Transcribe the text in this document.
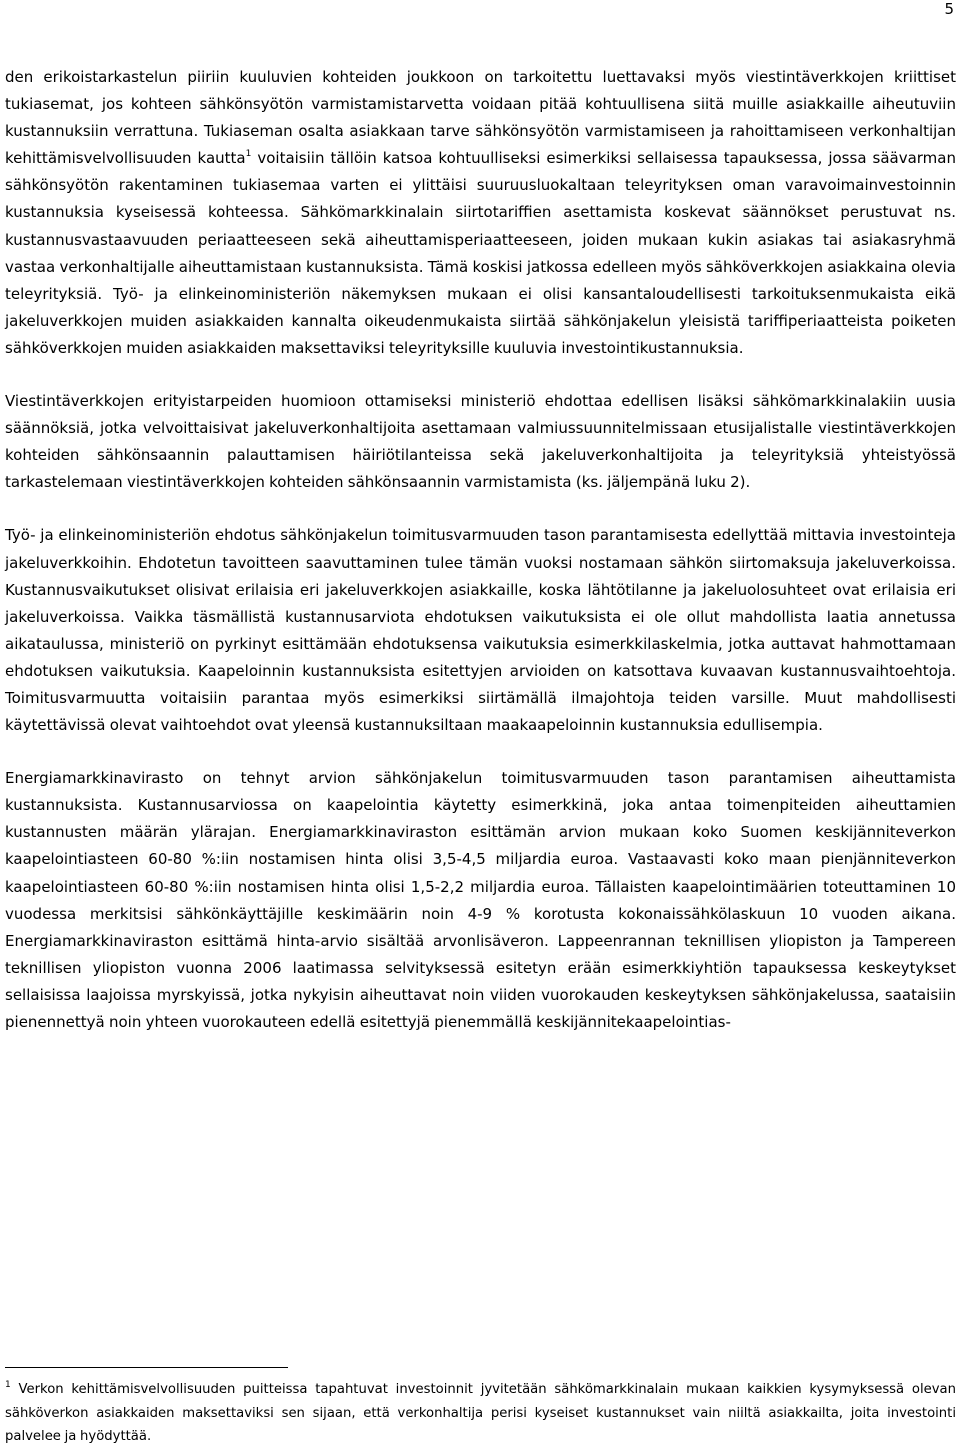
5

den erikoistarkastelun piiriin kuuluvien kohteiden joukkoon on tarkoitettu luettavaksi myös viestintäverkkojen kriittiset tukiasemat, jos kohteen sähkönsyötön varmistamistarvetta voidaan pitää kohtuullisena siitä muille asiakkaille aiheutuviin kustannuksiin verrattuna. Tukiaseman osalta asiakkaan tarve sähkönsyötön varmistamiseen ja rahoittamiseen verkonhaltijan kehittämisvelvollisuuden kautta$^1$ voitaisiin tällöin katsoa kohtuulliseksi esimerkiksi sellaisessa tapauksessa, jossa säävarman sähkönsyötön rakentaminen tukiasemaa varten ei ylittäisi suuruusluokaltaan teleyrityksen oman varavoimainvestoinnin kustannuksia kyseisessä kohteessa. Sähkömarkkinalain siirtotariffien asettamista koskevat säännökset perustuvat ns. kustannusvastaavuuden periaatteeseen sekä aiheuttamisperiaatteeseen, joiden mukaan kukin asiakas tai asiakasryhmä vastaa verkonhaltijalle aiheuttamistaan kustannuksista. Tämä koskisi jatkossa edelleen myös sähköverkkojen asiakkaina olevia teleyrityksiä. Työ- ja elinkeinoministeriön näkemyksen mukaan ei olisi kansantaloudellisesti tarkoituksenmukaista eikä jakeluverkkojen muiden asiakkaiden kannalta oikeudenmukaista siirtää sähkönjakelun yleisistä tariffiperiaatteista poiketen sähköverkkojen muiden asiakkaiden maksettaviksi teleyrityksille kuuluvia investointikustannuksia.

Viestintäverkkojen erityistarpeiden huomioon ottamiseksi ministeriö ehdottaa edellisen lisäksi sähkömarkkinalakiin uusia säännöksiä, jotka velvoittaisivat jakeluverkonhaltijoita asettamaan valmiussuunnitelmissaan etusijalistalle viestintäverkkojen kohteiden sähkönsaannin palauttamisen häiriötilanteissa sekä jakeluverkonhaltijoita ja teleyrityksiä yhteistyössä tarkastelemaan viestintäverkkojen kohteiden sähkönsaannin varmistamista (ks. jäljempänä luku 2).

Työ- ja elinkeinoministeriön ehdotus sähkönjakelun toimitusvarmuuden tason parantamisesta edellyttää mittavia investointeja jakeluverkkoihin. Ehdotetun tavoitteen saavuttaminen tulee tämän vuoksi nostamaan sähkön siirtomaksuja jakeluverkoissa. Kustannusvaikutukset olisivat erilaisia eri jakeluverkkojen asiakkaille, koska lähtötilanne ja jakeluolosuhteet ovat erilaisia eri jakeluverkoissa. Vaikka täsmällistä kustannusarviota ehdotuksen vaikutuksista ei ole ollut mahdollista laatia annetussa aikataulussa, ministeriö on pyrkinyt esittämään ehdotuksensa vaikutuksia esimerkkilaskelmia, jotka auttavat hahmottamaan ehdotuksen vaikutuksia. Kaapeloinnin kustannuksista esitettyjen arvioiden on katsottava kuvaavan kustannusvaihtoehtoja. Toimitusvarmuutta voitaisiin parantaa myös esimerkiksi siirtämällä ilmajohtoja teiden varsille. Muut mahdollisesti käytettävissä olevat vaihtoehdot ovat yleensä kustannuksiltaan maakaapeloinnin kustannuksia edullisempia.

Energiamarkkinavirasto on tehnyt arvion sähkönjakelun toimitusvarmuuden tason parantamisen aiheuttamista kustannuksista. Kustannusarviossa on kaapelointia käytetty esimerkkinä, joka antaa toimenpiteiden aiheuttamien kustannusten määrän ylärajan. Energiamarkkinaviraston esittämän arvion mukaan koko Suomen keskijänniteverkon kaapelointiasteen 60-80 %:iin nostamisen hinta olisi 3,5-4,5 miljardia euroa. Vastaavasti koko maan pienjänniteverkon kaapelointiasteen 60-80 %:iin nostamisen hinta olisi 1,5-2,2 miljardia euroa. Tällaisten kaapelointimäärien toteuttaminen 10 vuodessa merkitsisi sähkönkäyttäjille keskimäärin noin 4-9 % korotusta kokonaissähkölaskuun 10 vuoden aikana. Energiamarkkinaviraston esittämä hinta-arvio sisältää arvonlisäveron. Lappeenrannan teknillisen yliopiston ja Tampereen teknillisen yliopiston vuonna 2006 laatimassa selvityksessä esitetyn erään esimerkkiyhtiön tapauksessa keskeytykset sellaisissa laajoissa myrskyissä, jotka nykyisin aiheuttavat noin viiden vuorokauden keskeytyksen sähkönjakelussa, saataisiin pienennettyä noin yhteen vuorokauteen edellä esitettyjä pienemmällä keskijännitekaapelointias-

$^1$ Verkon kehittämisvelvollisuuden puitteissa tapahtuvat investoinnit jyvitetään sähkömarkkinalain mukaan kaikkien kysymyksessä olevan sähköverkon asiakkaiden maksettaviksi sen sijaan, että verkonhaltija perisi kyseiset kustannukset vain niiltä asiakkailta, joita investointi palvelee ja hyödyttää.
